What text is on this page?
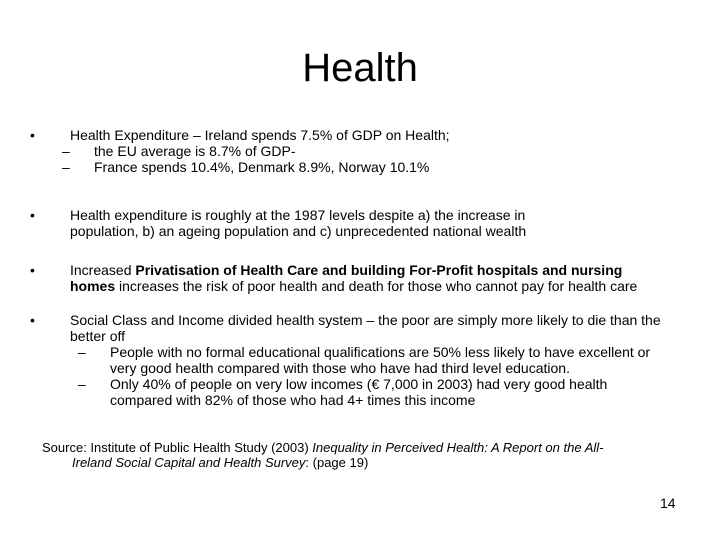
Health
•	Health Expenditure – Ireland spends 7.5% of GDP on Health;
– the EU average is 8.7% of GDP-
– France spends 10.4%, Denmark 8.9%, Norway 10.1%
•	Health expenditure is roughly at the 1987 levels despite a) the increase in
population, b) an ageing population and c) unprecedented national wealth
•	Increased Privatisation of Health Care and building For-Profit hospitals and nursing homes increases the risk of poor health and death for those who cannot pay for health care
•	Social Class and Income divided health system – the poor are simply more likely to die than the better off
– People with no formal educational qualifications are 50% less likely to have excellent or very good health compared with those who have had third level education.
– Only 40% of people on very low incomes (€ 7,000 in 2003) had very good health compared with 82% of those who had 4+ times this income
Source: Institute of Public Health Study (2003) Inequality in Perceived Health: A Report on the All-
Ireland Social Capital and Health Survey: (page 19)
14
